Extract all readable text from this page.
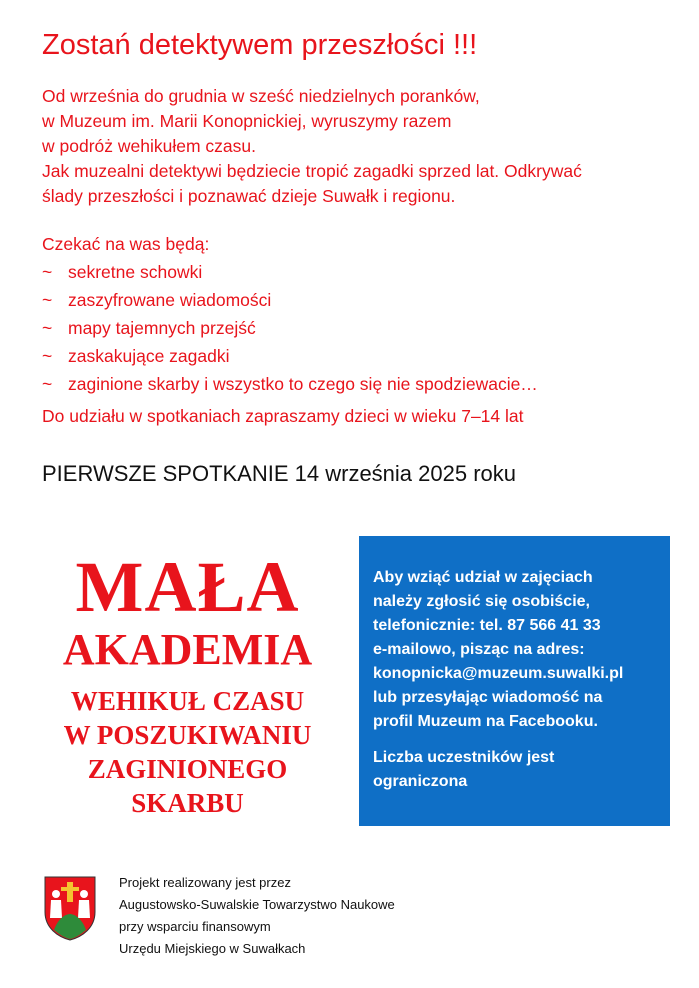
Zostań detektywem przeszłości !!!
Od września do grudnia w sześć niedzielnych poranków,
w Muzeum im. Marii Konopnickiej, wyruszymy razem
w podróż wehikułem czasu.
Jak muzealni detektywi będziecie tropić zagadki sprzed lat. Odkrywać
ślady przeszłości i poznawać dzieje Suwałk i regionu.
Czekać na was będą:
~ sekretne schowki
~ zaszyfrowane wiadomości
~ mapy tajemnych przejść
~ zaskakujące zagadki
~ zaginione skarby i wszystko to czego się nie spodziewacie…
Do udziału w spotkaniach zapraszamy dzieci w wieku 7–14 lat
PIERWSZE SPOTKANIE 14 września 2025 roku
MAŁA
AKADEMIA
WEHIKUŁ CZASU
W POSZUKIWANIU
ZAGINIONEGO
SKARBU
Aby wziąć udział w zajęciach
należy zgłosić się osobiście,
telefonicznie: tel. 87 566 41 33
e-mailowo, pisząc na adres:
konopnicka@muzeum.suwalki.pl
lub przesyłając wiadomość na
profil Muzeum na Facebooku.
Liczba uczestników jest
ograniczona
Projekt realizowany jest przez
Augustowsko-Suwalskie Towarzystwo Naukowe
przy wsparciu finansowym
Urzędu Miejskiego w Suwałkach
